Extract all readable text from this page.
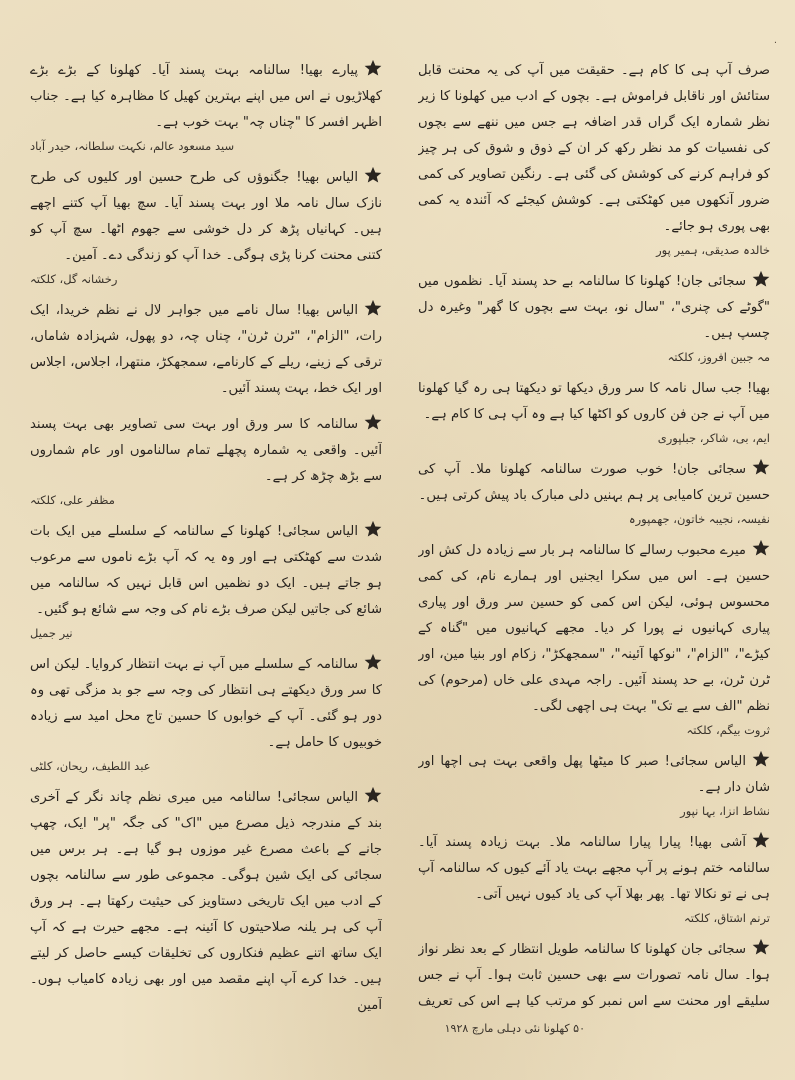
·

صرف آپ ہی کا کام ہے۔ حقیقت میں آپ کی یہ محنت قابل ستائش اور ناقابل فراموش ہے۔ بچوں کے ادب میں کھلونا کا زیر نظر شمارہ ایک گراں قدر اضافہ ہے جس میں ننھے سے بچوں کی نفسیات کو مد نظر رکھ کر ان کے ذوق و شوق کی ہر چیز کو فراہم کرنے کی کوشش کی گئی ہے۔ رنگین تصاویر کی کمی ضرور آنکھوں میں کھٹکتی ہے۔ کوشش کیجئے کہ آئندہ یہ کمی بھی پوری ہو جائے۔

خالدہ صدیقی، ہمیر پور

سجائی جان! کھلونا کا سالنامہ بے حد پسند آیا۔ نظموں میں "گوٹے کی چنری"، "سال نو، بہت سے بچوں کا گھر" وغیرہ دل چسپ ہیں۔

مہ جبین افروز، کلکتہ

بھیا! جب سال نامہ کا سر ورق دیکھا تو دیکھتا ہی رہ گیا کھلونا میں آپ نے جن فن کاروں کو اکٹھا کیا ہے وہ آپ ہی کا کام ہے۔

ایم، بی، شاکر، جبلپوری

سجائی جان! خوب صورت سالنامہ کھلونا ملا۔ آپ کی حسین ترین کامیابی پر ہم بہنیں دلی مبارک باد پیش کرتی ہیں۔

نفیسہ، نجیبہ خاتون، جھمپورہ

میرے محبوب رسالے کا سالنامہ ہر بار سے زیادہ دل کش اور حسین ہے۔ اس میں سکرا ایجنیں اور ہمارے نام، کی کمی محسوس ہوئی، لیکن اس کمی کو حسین سر ورق اور پیاری پیاری کہانیوں نے پورا کر دیا۔ مجھے کہانیوں میں "گناہ کے کیڑے"، "الزام"، "نوکھا آئینہ"، "سمجھکڑ"، زکام اور بنیا مین، اور ٹرن ٹرن، بے حد پسند آئیں۔ راجہ مہدی علی خاں (مرحوم) کی نظم "الف سے یے تک" بہت ہی اچھی لگی۔

ثروت بیگم، کلکتہ

الیاس سجائی! صبر کا میٹھا پھل واقعی بہت ہی اچھا اور شان دار ہے۔

نشاط انزا، بہا نپور

آشی بھیا! پیارا پیارا سالنامہ ملا۔ بہت زیادہ پسند آیا۔ سالنامہ ختم ہونے پر آپ مجھے بہت یاد آئے کیوں کہ سالنامہ آپ ہی نے تو نکالا تھا۔ پھر بھلا آپ کی یاد کیوں نہیں آتی۔

ترنم اشتاق، کلکتہ

سجائی جان کھلونا کا سالنامہ طویل انتظار کے بعد نظر نواز ہوا۔ سال نامہ تصورات سے بھی حسین ثابت ہوا۔ آپ نے جس سلیقے اور محنت سے اس نمبر کو مرتب کیا ہے اس کی تعریف

پیارے بھیا! سالنامہ بہت پسند آیا۔ کھلونا کے بڑے بڑے کھلاڑیوں نے اس میں اپنے بہترین کھیل کا مظاہرہ کیا ہے۔ جناب اظہر افسر کا "چناں چہ" بہت خوب ہے۔

سید مسعود عالم، نکہت سلطانہ، حیدر آباد

الیاس بھیا! جگنوؤں کی طرح حسین اور کلیوں کی طرح نازک سال نامہ ملا اور بہت پسند آیا۔ سچ بھیا آپ کتنے اچھے ہیں۔ کہانیاں پڑھ کر دل خوشی سے جھوم اٹھا۔ سچ آپ کو کتنی محنت کرنا پڑی ہوگی۔ خدا آپ کو زندگی دے۔ آمین۔

رخشانہ گل، کلکتہ

الیاس بھیا! سال نامے میں جواہر لال نے نظم خریدا، ایک رات، "الزام"، "ٹرن ٹرن"، چناں چہ، دو پھول، شہزادہ شاماں، ترقی کے زینے، ریلے کے کارنامے، سمجھکڑ، منتھرا، اجلاس، اجلاس اور ایک خط، بہت پسند آئیں۔

سالنامہ کا سر ورق اور بہت سی تصاویر بھی بہت پسند آئیں۔ واقعی یہ شمارہ پچھلے تمام سالناموں اور عام شماروں سے بڑھ چڑھ کر ہے۔

مظفر علی، کلکتہ

الیاس سجائی! کھلونا کے سالنامہ کے سلسلے میں ایک بات شدت سے کھٹکتی ہے اور وہ یہ کہ آپ بڑے ناموں سے مرعوب ہو جاتے ہیں۔ ایک دو نظمیں اس قابل نہیں کہ سالنامہ میں شائع کی جاتیں لیکن صرف بڑے نام کی وجہ سے شائع ہو گئیں۔

نیر جمیل

سالنامہ کے سلسلے میں آپ نے بہت انتظار کروایا۔ لیکن اس کا سر ورق دیکھتے ہی انتظار کی وجہ سے جو بد مزگی تھی وہ دور ہو گئی۔ آپ کے خوابوں کا حسین تاج محل امید سے زیادہ خوبیوں کا حامل ہے۔

عبد اللطیف، ریحان، کلٹی

الیاس سجائی! سالنامہ میں میری نظم چاند نگر کے آخری بند کے مندرجہ ذیل مصرع میں "اک" کی جگہ "پر" ایک، چھپ جانے کے باعث مصرع غیر موزوں ہو گیا ہے۔ ہر برس میں سجائی کی ایک شین ہوگی۔ مجموعی طور سے سالنامہ بچوں کے ادب میں ایک تاریخی دستاویز کی حیثیت رکھتا ہے۔ ہر ورق آپ کی ہر یلنہ صلاحیتوں کا آئینہ ہے۔ مجھے حیرت ہے کہ آپ ایک ساتھ اتنے عظیم فنکاروں کی تخلیقات کیسے حاصل کر لیتے ہیں۔ خدا کرے آپ اپنے مقصد میں اور بھی زیادہ کامیاب ہوں۔ آمین

۵۰ کھلونا نئی دہلی مارچ ۱۹۲۸
